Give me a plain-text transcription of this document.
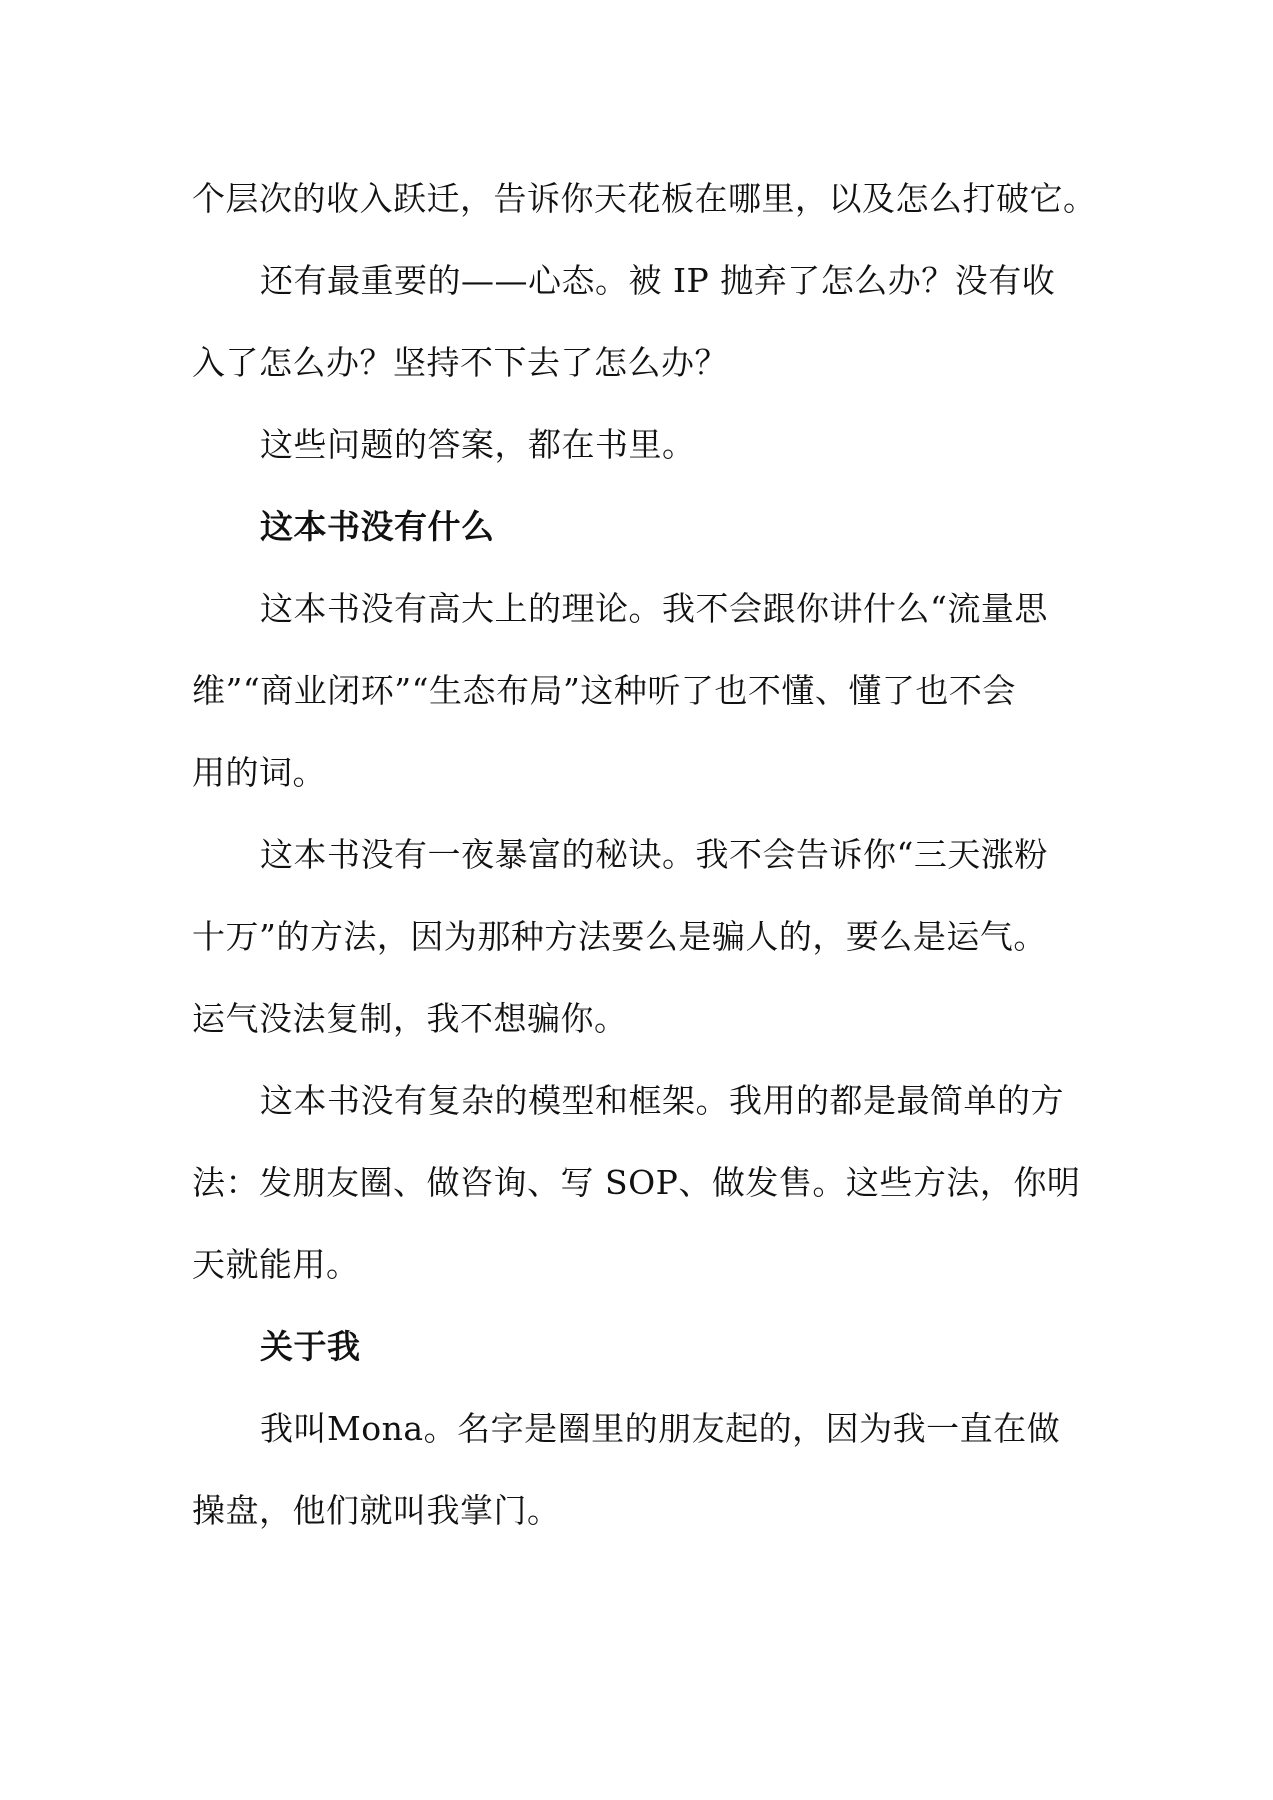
个层次的收入跃迁，告诉你天花板在哪里，以及怎么打破它。
还有最重要的——心态。被 IP 抛弃了怎么办？没有收
入了怎么办？坚持不下去了怎么办？
这些问题的答案，都在书里。
这本书没有什么
这本书没有高大上的理论。我不会跟你讲什么“流量思
维”“商业闭环”“生态布局”这种听了也不懂、懂了也不会
用的词。
这本书没有一夜暴富的秘诀。我不会告诉你“三天涨粉
十万”的方法，因为那种方法要么是骗人的，要么是运气。
运气没法复制，我不想骗你。
这本书没有复杂的模型和框架。我用的都是最简单的方
法：发朋友圈、做咨询、写 SOP、做发售。这些方法，你明
天就能用。
关于我
我叫Mona。名字是圈里的朋友起的，因为我一直在做
操盘，他们就叫我掌门。
